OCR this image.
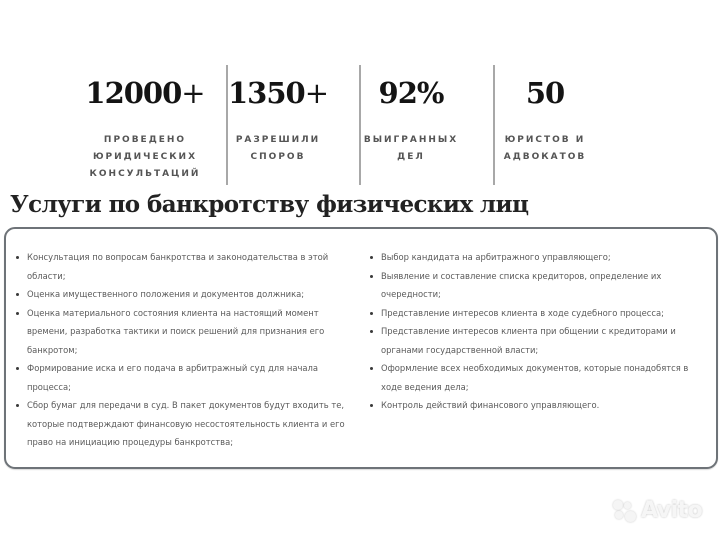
12000+
ПРОВЕДЕНО
ЮРИДИЧЕСКИХ
КОНСУЛЬТАЦИЙ
1350+
РАЗРЕШИЛИ
СПОРОВ
92%
ВЫИГРАННЫХ
ДЕЛ
50
ЮРИСТОВ И
АДВОКАТОВ
Услуги по банкротству физических лиц
Консультация по вопросам банкротства и законодательства в этой области;
Оценка имущественного положения и документов должника;
Оценка материального состояния клиента на настоящий момент времени, разработка тактики и поиск решений для признания его банкротом;
Формирование иска и его подача в арбитражный суд для начала процесса;
Сбор бумаг для передачи в суд. В пакет документов будут входить те, которые подтверждают финансовую несостоятельность клиента и его право на инициацию процедуры банкротства;
Выбор кандидата на арбитражного управляющего;
Выявление и составление списка кредиторов, определение их очередности;
Представление интересов клиента в ходе судебного процесса;
Представление интересов клиента при общении с кредиторами и органами государственной власти;
Оформление всех необходимых документов, которые понадобятся в ходе ведения дела;
Контроль действий финансового управляющего.
Avito
